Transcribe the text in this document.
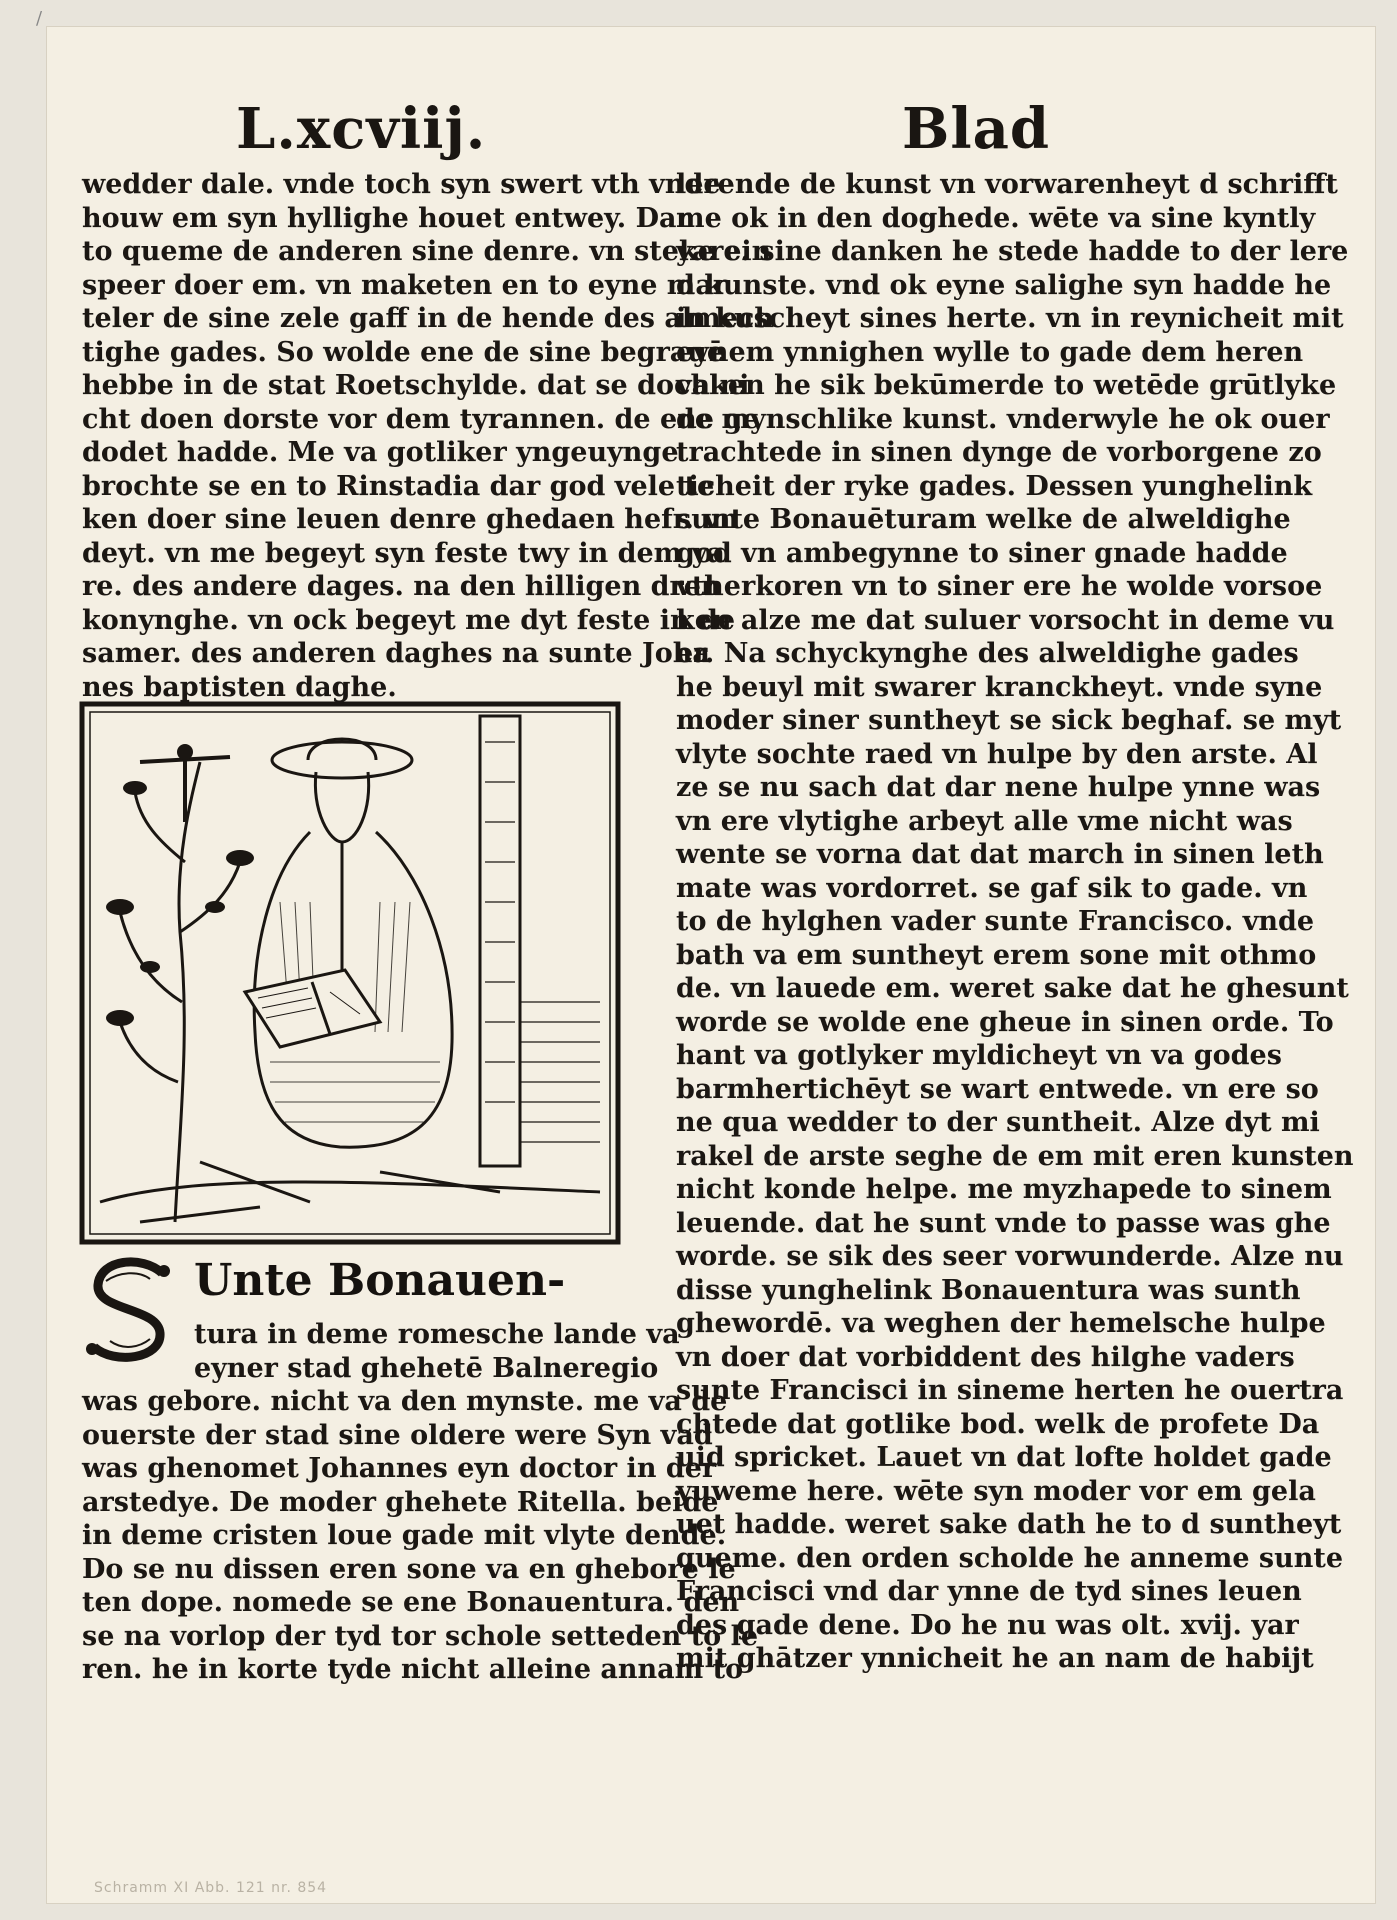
/
L.xcviij.	Blad
wedder dale. vnde toch syn swert vth vnde
houw em syn hyllighe houet entwey. Dar
to queme de anderen sine denre. vn steke ein
speer doer em. vn maketen en to eyne mar
teler de sine zele gaff in de hende des almech
tighe gades. So wolde ene de sine begrauē
hebbe in de stat Roetschylde. dat se doch ni
cht doen dorste vor dem tyrannen. de ene ge
dodet hadde. Me va gotliker yngeuynge
brochte se en to Rinstadia dar god vele te
ken doer sine leuen denre ghedaen hefr. vn
deyt. vn me begeyt syn feste twy in dem ya
re. des andere dages. na den hilligen dren
konynghe. vn ock begeyt me dyt feste in de
samer. des anderen daghes na sunte Joha
nes baptisten daghe.
Unte Bonauen-
tura in deme romesche lande va
eyner stad ghehetē Balneregio
was gebore. nicht va den mynste. me va de
ouerste der stad sine oldere were Syn vad
was ghenomet Johannes eyn doctor in der
arstedye. De moder ghehete Ritella. beide
in deme cristen loue gade mit vlyte dende.
Do se nu dissen eren sone va en ghebore le
ten dope. nomede se ene Bonauentura. den
se na vorlop der tyd tor schole setteden to le
ren. he in korte tyde nicht alleine annam to
lerende de kunst vn vorwarenheyt d schrifft
me ok in den doghede. wēte va sine kyntly
yare. sine danken he stede hadde to der lere
d kunste. vnd ok eyne salighe syn hadde he
in kuscheyt sines herte. vn in reynicheit mit
eynem ynnighen wylle to gade dem heren
vaken he sik bekūmerde to wetēde grūtlyke
de mynschlike kunst. vnderwyle he ok ouer
trachtede in sinen dynge de vorborgene zo
ticheit der ryke gades. Dessen yunghelink
sunte Bonauēturam welke de alweldighe
god vn ambegynne to siner gnade hadde
vtherkoren vn to siner ere he wolde vorsoe
ken alze me dat suluer vorsocht in deme vu
er. Na schyckynghe des alweldighe gades
he beuyl mit swarer kranckheyt. vnde syne
moder siner suntheyt se sick beghaf. se myt
vlyte sochte raed vn hulpe by den arste. Al
ze se nu sach dat dar nene hulpe ynne was
vn ere vlytighe arbeyt alle vme nicht was
wente se vorna dat dat march in sinen leth
mate was vordorret. se gaf sik to gade. vn
to de hylghen vader sunte Francisco. vnde
bath va em suntheyt erem sone mit othmo
de. vn lauede em. weret sake dat he ghesunt
worde se wolde ene gheue in sinen orde. To
hant va gotlyker myldicheyt vn va godes
barmhertichēyt se wart entwede. vn ere so
ne qua wedder to der suntheit. Alze dyt mi
rakel de arste seghe de em mit eren kunsten
nicht konde helpe. me myzhapede to sinem
leuende. dat he sunt vnde to passe was ghe
worde. se sik des seer vorwunderde. Alze nu
disse yunghelink Bonauentura was sunth
ghewordē. va weghen der hemelsche hulpe
vn doer dat vorbiddent des hilghe vaders
sunte Francisci in sineme herten he ouertra
chtede dat gotlike bod. welk de profete Da
uid spricket. Lauet vn dat lofte holdet gade
yuweme here. wēte syn moder vor em gela
uet hadde. weret sake dath he to d suntheyt
queme. den orden scholde he anneme sunte
Francisci vnd dar ynne de tyd sines leuen
des gade dene. Do he nu was olt. xvij. yar
mit ghātzer ynnicheit he an nam de habijt
Schramm XI Abb. 121 nr. 854
